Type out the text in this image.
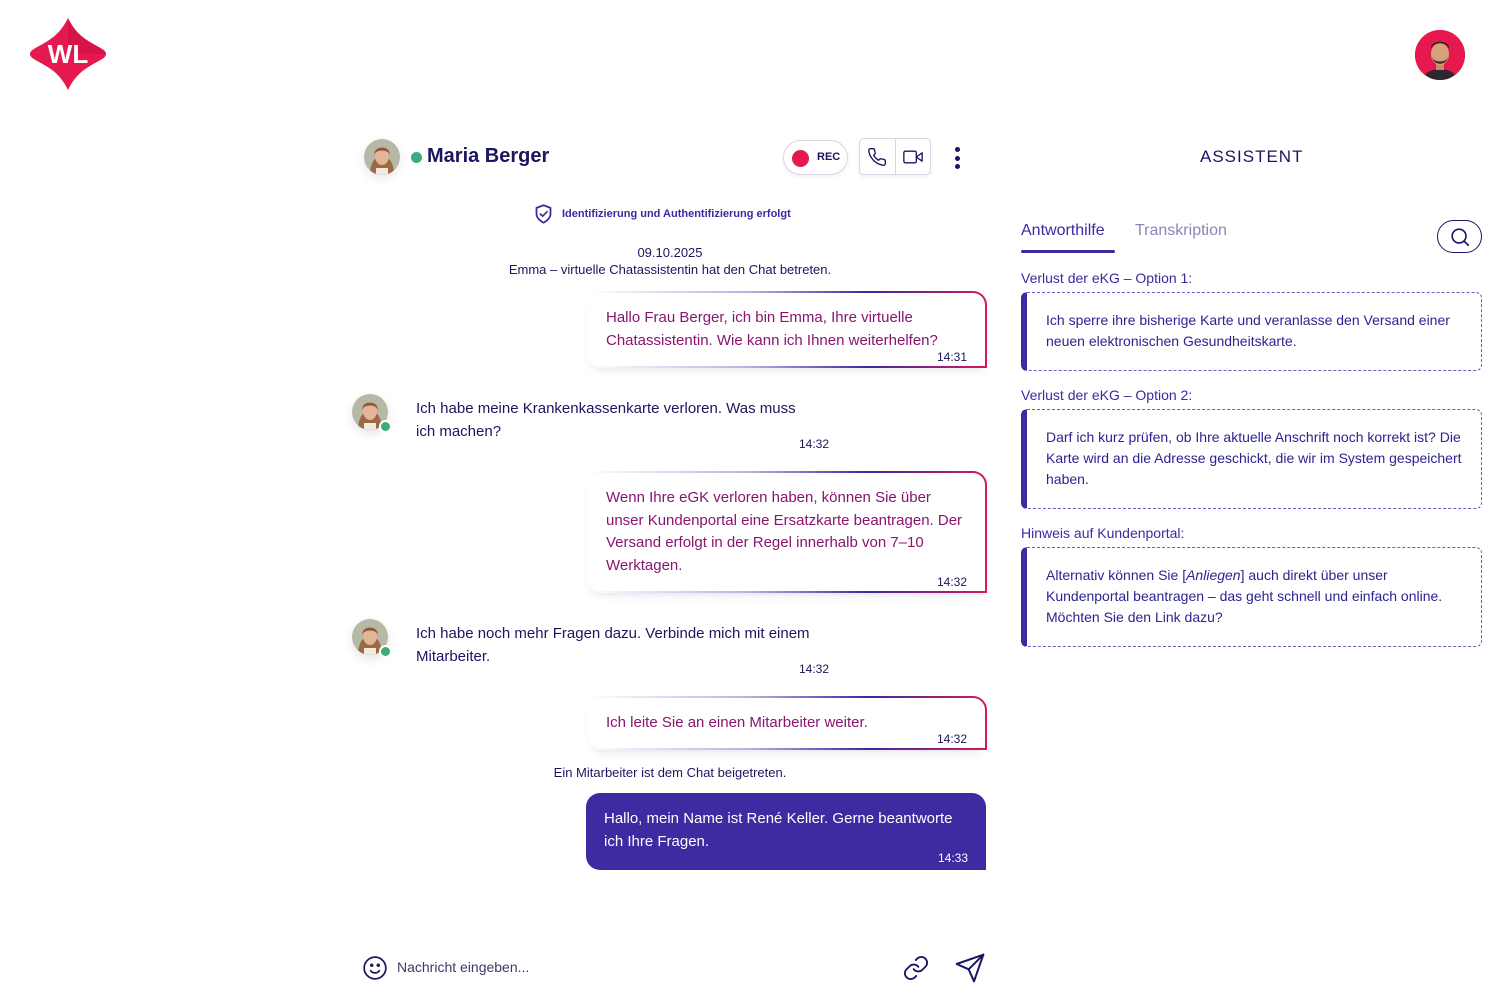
WL
Maria Berger	REC
Identifizierung und Authentifizierung erfolgt
09.10.2025
Emma – virtuelle Chatassistentin hat den Chat betreten.
Hallo Frau Berger, ich bin Emma, Ihre virtuelle Chatassistentin. Wie kann ich Ihnen weiterhelfen?
14:31
Ich habe meine Krankenkassenkarte verloren. Was muss ich machen?
14:32
Wenn Ihre eGK verloren haben, können Sie über unser Kundenportal eine Ersatzkarte beantragen. Der Versand erfolgt in der Regel innerhalb von 7–10 Werktagen.
14:32
Ich habe noch mehr Fragen dazu. Verbinde mich mit einem Mitarbeiter.
14:32
Ich leite Sie an einen Mitarbeiter weiter.
14:32
Ein Mitarbeiter ist dem Chat beigetreten.
Hallo, mein Name ist René Keller. Gerne beantworte ich Ihre Fragen.
14:33
Nachricht eingeben...
ASSISTENT
Antworthilfe Transkription
Verlust der eKG – Option 1:
Ich sperre ihre bisherige Karte und veranlasse den Versand einer neuen elektronischen Gesundheitskarte.
Verlust der eKG – Option 2:
Darf ich kurz prüfen, ob Ihre aktuelle Anschrift noch korrekt ist? Die Karte wird an die Adresse geschickt, die wir im System gespeichert haben.
Hinweis auf Kundenportal:
Alternativ können Sie [Anliegen] auch direkt über unser Kundenportal beantragen – das geht schnell und einfach online. Möchten Sie den Link dazu?
